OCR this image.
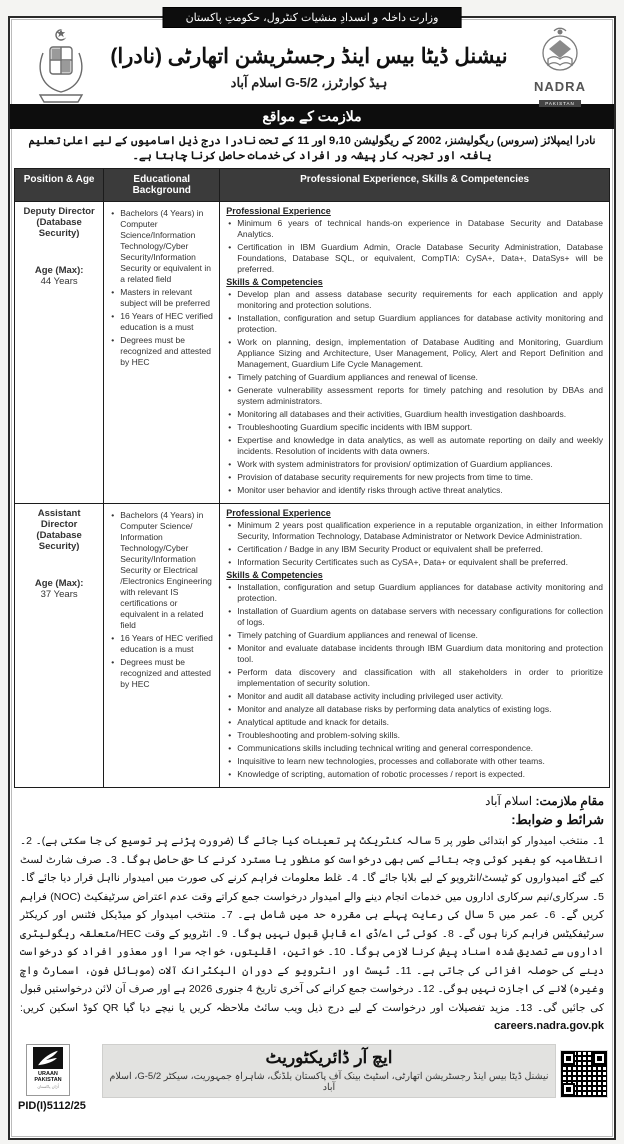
وزارت داخلہ و انسدادِ منشیات کنٹرول، حکومتِ پاکستان
نیشنل ڈیٹا بیس اینڈ رجسٹریشن اتھارٹی (نادرا)
ہیڈ کوارٹرز، G-5/2 اسلام آباد	NADRA
PAKISTAN
ملازمت کے مواقع
نادرا ایمپلائز (سروس) ریگولیشنز، 2002 کے ریگولیشن 9،10 اور 11 کے تحت نادرا درج ذیل اسامیوں کے لیے اعلیٰ تعلیم یافتہ اور تجربہ کار پیشہ ور افراد کی خدمات حاصل کرنا چاہتا ہے۔
Position & Age	Educational Background	Professional Experience, Skills & Competencies

Deputy Director (Database Security)
Age (Max):
44 Years

• Bachelors (4 Years) in Computer Science/Information Technology/Cyber Security/Information Security or equivalent in a related field
• Masters in relevant subject will be preferred
• 16 Years of HEC verified education is a must
• Degrees must be recognized and attested by HEC

Professional Experience
• Minimum 6 years of technical hands-on experience in Database Security and Database Analytics.
• Certification in IBM Guardium Admin, Oracle Database Security Administration, Database Foundations, Database SQL, or equivalent, CompTIA: CySA+, Data+, DataSys+ will be preferred.
Skills & Competencies
• Develop plan and assess database security requirements for each application and apply monitoring and protection solutions.
• Installation, configuration and setup Guardium appliances for database activity monitoring and protection.
• Work on planning, design, implementation of Database Auditing and Monitoring, Guardium Appliance Sizing and Architecture, User Management, Policy, Alert and Report Definition and Management, Guardium Life Cycle Management.
• Timely patching of Guardium appliances and renewal of license.
• Generate vulnerability assessment reports for timely patching and resolution by DBAs and system administrators.
• Monitoring all databases and their activities, Guardium health investigation dashboards.
• Troubleshooting Guardium specific incidents with IBM support.
• Expertise and knowledge in data analytics, as well as automate reporting on daily and weekly incidents. Resolution of incidents with data owners.
• Work with system administrators for provision/ optimization of Guardium appliances.
• Provision of database security requirements for new projects from time to time.
• Monitor user behavior and identify risks through active threat analytics.

Assistant Director (Database Security)
Age (Max):
37 Years

• Bachelors (4 Years) in Computer Science/ Information Technology/Cyber Security/Information Security or Electrical /Electronics Engineering with relevant IS certifications or equivalent in a related field
• 16 Years of HEC verified education is a must
• Degrees must be recognized and attested by HEC

Professional Experience
• Minimum 2 years post qualification experience in a reputable organization, in either Information Security, Information Technology, Database Administrator or Network Device Administration.
• Certification / Badge in any IBM Security Product or equivalent shall be preferred.
• Information Security Certificates such as CySA+, Data+ or equivalent shall be preferred.
Skills & Competencies
• Installation, configuration and setup Guardium appliances for database activity monitoring and protection.
• Installation of Guardium agents on database servers with necessary configurations for collection of logs.
• Timely patching of Guardium appliances and renewal of license.
• Monitor and evaluate database incidents through IBM Guardium data monitoring and protection tool.
• Perform data discovery and classification with all stakeholders in order to prioritize implementation of security solution.
• Monitor and audit all database activity including privileged user activity.
• Monitor and analyze all database risks by performing data analytics of existing logs.
• Analytical aptitude and knack for details.
• Troubleshooting and problem-solving skills.
• Communications skills including technical writing and general correspondence.
• Inquisitive to learn new technologies, processes and collaborate with other teams.
• Knowledge of scripting, automation of robotic processes / report is expected.
مقامِ ملازمت: اسلام آباد
شرائط و ضوابط:

1۔ منتخب امیدوار کو ابتدائی طور پر 5 سالہ کنٹریکٹ پر تعینات کیا جائے گا (ضرورت پڑنے پر توسیع کی جا سکتی ہے)۔ 2۔ انتظامیہ کو بغیر کوئی وجہ بتائے کسی بھی درخواست کو منظور یا مسترد کرنے کا حق حاصل ہوگا۔ 3۔ صرف شارٹ لسٹ کیے گئے امیدواروں کو ٹیسٹ/انٹرویو کے لیے بلایا جائے گا۔ 4۔ غلط معلومات فراہم کرنے کی صورت میں امیدوار نااہل قرار دیا جائے گا۔ 5۔ سرکاری/نیم سرکاری اداروں میں خدمات انجام دینے والے امیدوار درخواست جمع کراتے وقت عدم اعتراض سرٹیفکیٹ (NOC) فراہم کریں گے۔ 6۔ عمر میں 5 سال کی رعایت پہلے ہی مقررہ حد میں شامل ہے۔ 7۔ منتخب امیدوار کو میڈیکل فٹنس اور کریکٹر سرٹیفکیٹس فراہم کرنا ہوں گے۔ 8۔ کوئی ٹی اے/ڈی اے قابلِ قبول نہیں ہوگا۔ 9۔ انٹرویو کے وقت HEC/متعلقہ ریگولیٹری اداروں سے تصدیق شدہ اسناد پیش کرنا لازمی ہوگا۔ 10۔ خواتین، اقلیتوں، خواجہ سرا اور معذور افراد کو درخواست دینے کی حوصلہ افزائی کی جاتی ہے۔ 11۔ ٹیسٹ اور انٹرویو کے دوران الیکٹرانک آلات (موبائل فون، اسمارٹ واچ وغیرہ) لانے کی اجازت نہیں ہوگی۔ 12۔ درخواست جمع کرانے کی آخری تاریخ 4 جنوری 2026 ہے اور صرف آن لائن درخواستیں قبول کی جائیں گی۔ 13۔ مزید تفصیلات اور درخواست کے لیے درج ذیل ویب سائٹ ملاحظہ کریں یا نیچے دیا گیا QR کوڈ اسکین کریں: careers.nadra.gov.pk

URAAN
PAKISTAN
اُڑان پاکستان
PID(I)5112/25
ایچ آر ڈائریکٹوریٹ
نیشنل ڈیٹا بیس اینڈ رجسٹریشن اتھارٹی، اسٹیٹ بینک آف پاکستان بلڈنگ، شاہراہِ جمہوریت، سیکٹر G-5/2، اسلام آباد
